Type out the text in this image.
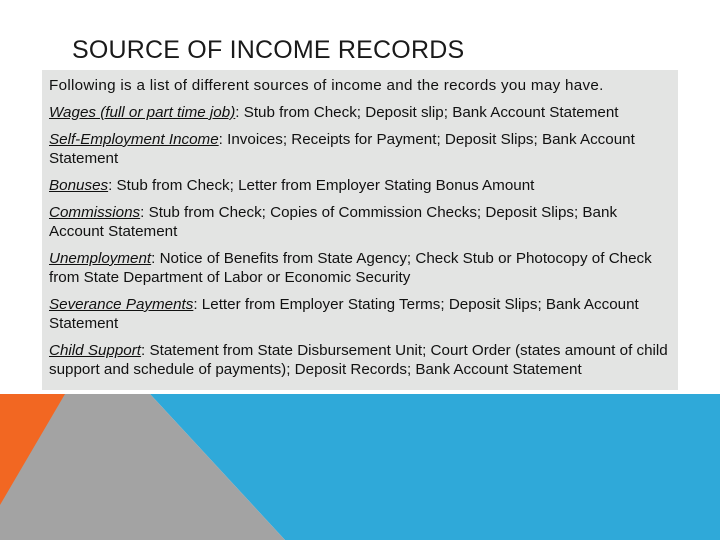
SOURCE OF INCOME RECORDS

Following is a list of different sources of income and the records you may have.

Wages (full or part time job): Stub from Check; Deposit slip; Bank Account Statement

Self-Employment Income: Invoices; Receipts for Payment; Deposit Slips; Bank Account Statement

Bonuses: Stub from Check; Letter from Employer Stating Bonus Amount

Commissions: Stub from Check; Copies of Commission Checks; Deposit Slips; Bank Account Statement

Unemployment: Notice of Benefits from State Agency; Check Stub or Photocopy of Check from State Department of Labor or Economic Security

Severance Payments: Letter from Employer Stating Terms; Deposit Slips; Bank Account Statement

Child Support: Statement from State Disbursement Unit; Court Order (states amount of child support and schedule of payments); Deposit Records; Bank Account Statement
